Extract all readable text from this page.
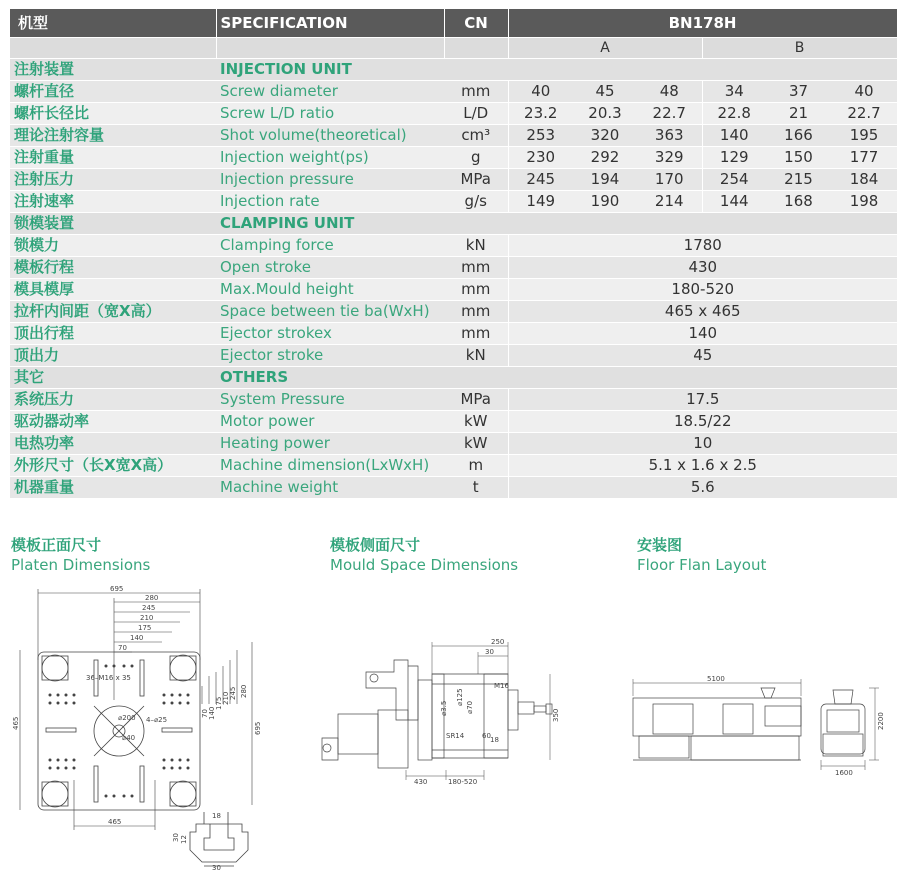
机型	SPECIFICATION	CN	BN178H					
			A			B		
注射装置	INJECTION UNIT							
螺杆直径	Screw diameter	mm	40	45	48	34	37	40
螺杆长径比	Screw L/D ratio	L/D	23.2	20.3	22.7	22.8	21	22.7
理论注射容量	Shot volume(theoretical)	cm³	253	320	363	140	166	195
注射重量	Injection weight(ps)	g	230	292	329	129	150	177
注射压力	Injection pressure	MPa	245	194	170	254	215	184
注射速率	Injection rate	g/s	149	190	214	144	168	198
锁模装置	CLAMPING UNIT							
锁模力	Clamping force	kN	1780					
模板行程	Open stroke	mm	430					
模具模厚	Max.Mould height	mm	180-520					
拉杆内间距（宽X高）	Space between tie ba(WxH)	mm	465 x 465					
顶出行程	Ejector strokex	mm	140					
顶出力	Ejector stroke	kN	45					
其它	OTHERS							
系统压力	System Pressure	MPa	17.5					
驱动器动率	Motor power	kW	18.5/22					
电热功率	Heating power	kW	10					
外形尺寸（长X宽X高）	Machine dimension(LxWxH)	m	5.1 x 1.6 x 2.5					
机器重量	Machine weight	t	5.6					
模板正面尺寸
Platen Dimensions
模板侧面尺寸
Mould Space Dimensions
安装图
Floor Flan Layout
695
280
245
210
175
140
70
36–M16 x 35
⌀200
⌀40
4–⌀25
465	695
70 140
175 210 245 280
465
18
30 12
30
250
30
M16
⌀3.5
⌀125
⌀70
SR14
350
430	180-520
60 18
5100
2200
1600
